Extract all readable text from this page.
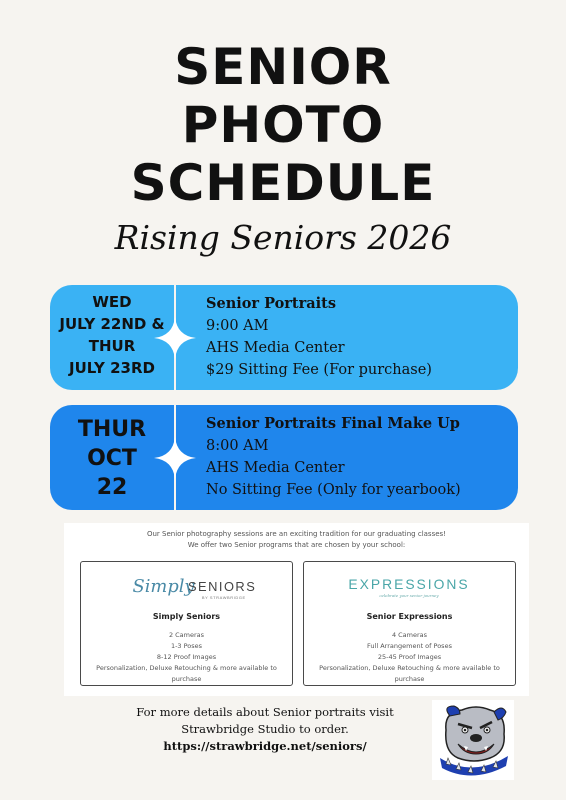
SENIOR
PHOTO
SCHEDULE
Rising Seniors 2026
WED
JULY 22ND &
THUR
JULY 23RD
Senior Portraits
9:00 AM
AHS Media Center
$29 Sitting Fee (For purchase)
THUR
OCT
22
Senior Portraits Final Make Up
8:00 AM
AHS Media Center
No Sitting Fee (Only for yearbook)
Our Senior photography sessions are an exciting tradition for our graduating classes!
We offer two Senior programs that are chosen by your school:
Simply
SENIORS
BY STRAWBRIDGE
Simply Seniors
2 Cameras
1-3 Poses
8-12 Proof Images
Personalization, Deluxe Retouching & more available to purchase
EXPRESSIONS
celebrate your senior journey
Senior Expressions
4 Cameras
Full Arrangement of Poses
25-45 Proof Images
Personalization, Deluxe Retouching & more available to purchase
For more details about Senior portraits visit
Strawbridge Studio to order.
https://strawbridge.net/seniors/
